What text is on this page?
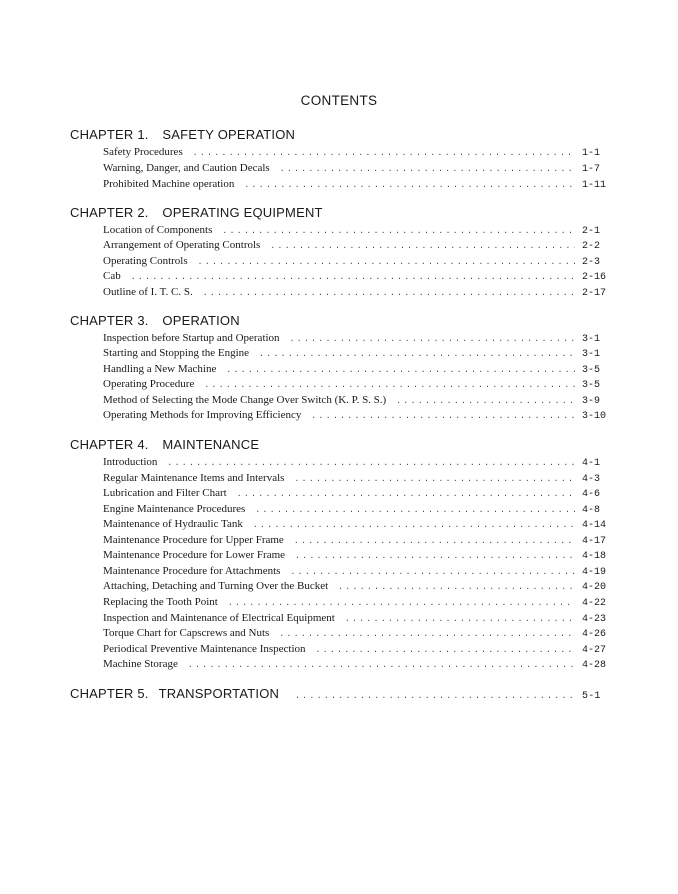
CONTENTS
CHAPTER 1. SAFETY OPERATION
Safety Procedures .....	1-1
Warning, Danger, and Caution Decals .....	1-7
Prohibited Machine operation .....	1-11
CHAPTER 2. OPERATING EQUIPMENT
Location of Components .....	2-1
Arrangement of Operating Controls .....	2-2
Operating Controls .....	2-3
Cab .....	2-16
Outline of I. T. C. S. .....	2-17
CHAPTER 3. OPERATION
Inspection before Startup and Operation .....	3-1
Starting and Stopping the Engine .....	3-1
Handling a New Machine .....	3-5
Operating Procedure .....	3-5
Method of Selecting the Mode Change Over Switch (K. P. S. S.) .....	3-9
Operating Methods for Improving Efficiency .....	3-10
CHAPTER 4. MAINTENANCE
Introduction .....	4-1
Regular Maintenance Items and Intervals .....	4-3
Lubrication and Filter Chart .....	4-6
Engine Maintenance Procedures .....	4-8
Maintenance of Hydraulic Tank .....	4-14
Maintenance Procedure for Upper Frame .....	4-17
Maintenance Procedure for Lower Frame .....	4-18
Maintenance Procedure for Attachments .....	4-19
Attaching, Detaching and Turning Over the Bucket .....	4-20
Replacing the Tooth Point .....	4-22
Inspection and Maintenance of Electrical Equipment .....	4-23
Torque Chart for Capscrews and Nuts .....	4-26
Periodical Preventive Maintenance Inspection .....	4-27
Machine Storage .....	4-28
CHAPTER 5. TRANSPORTATION .....	5-1
